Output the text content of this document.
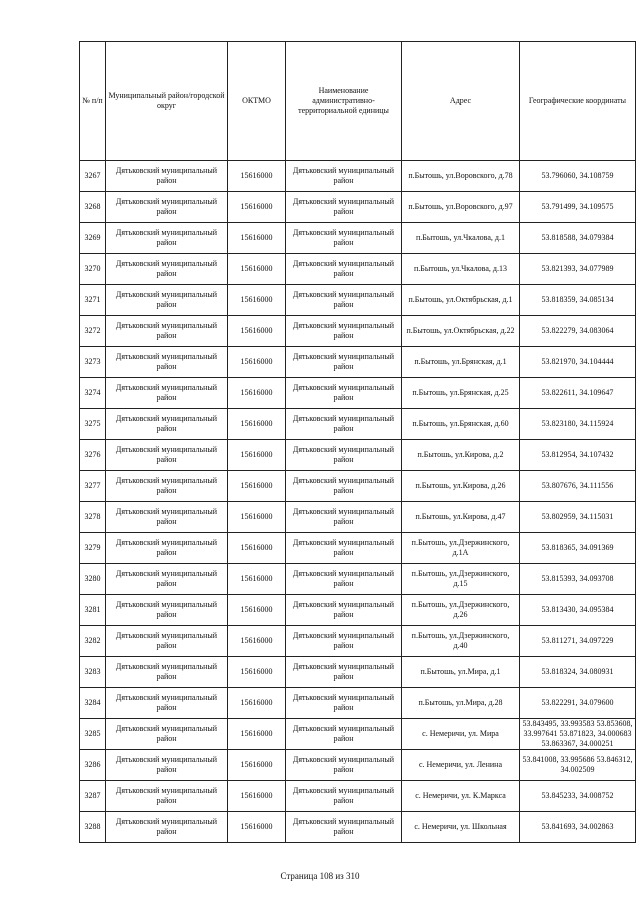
№ п/п	Муниципальный район/городской округ	ОКТМО	Наименование административно-территориальной единицы	Адрес	Географические координаты
3267	Дятьковский муниципальный район	15616000	Дятьковский муниципальный район	п.Бытошь, ул.Воровского, д.78	53.796060, 34.108759
3268	Дятьковский муниципальный район	15616000	Дятьковский муниципальный район	п.Бытошь, ул.Воровского, д.97	53.791499, 34.109575
3269	Дятьковский муниципальный район	15616000	Дятьковский муниципальный район	п.Бытошь, ул.Чкалова, д.1	53.818588, 34.079384
3270	Дятьковский муниципальный район	15616000	Дятьковский муниципальный район	п.Бытошь, ул.Чкалова, д.13	53.821393, 34.077989
3271	Дятьковский муниципальный район	15616000	Дятьковский муниципальный район	п.Бытошь, ул.Октябрьская, д.1	53.818359, 34.085134
3272	Дятьковский муниципальный район	15616000	Дятьковский муниципальный район	п.Бытошь, ул.Октябрьская, д.22	53.822279, 34.083064
3273	Дятьковский муниципальный район	15616000	Дятьковский муниципальный район	п.Бытошь, ул.Брянская, д.1	53.821970, 34.104444
3274	Дятьковский муниципальный район	15616000	Дятьковский муниципальный район	п.Бытошь, ул.Брянская, д.25	53.822611, 34.109647
3275	Дятьковский муниципальный район	15616000	Дятьковский муниципальный район	п.Бытошь, ул.Брянская, д.60	53.823180, 34.115924
3276	Дятьковский муниципальный район	15616000	Дятьковский муниципальный район	п.Бытошь, ул.Кирова, д.2	53.812954, 34.107432
3277	Дятьковский муниципальный район	15616000	Дятьковский муниципальный район	п.Бытошь, ул.Кирова, д.26	53.807676, 34.111556
3278	Дятьковский муниципальный район	15616000	Дятьковский муниципальный район	п.Бытошь, ул.Кирова, д.47	53.802959, 34.115031
3279	Дятьковский муниципальный район	15616000	Дятьковский муниципальный район	п.Бытошь, ул.Дзержинского, д.1А	53.818365, 34.091369
3280	Дятьковский муниципальный район	15616000	Дятьковский муниципальный район	п.Бытошь, ул.Дзержинского, д.15	53.815393, 34.093708
3281	Дятьковский муниципальный район	15616000	Дятьковский муниципальный район	п.Бытошь, ул.Дзержинского, д.26	53.813430, 34.095384
3282	Дятьковский муниципальный район	15616000	Дятьковский муниципальный район	п.Бытошь, ул.Дзержинского, д.40	53.811271, 34.097229
3283	Дятьковский муниципальный район	15616000	Дятьковский муниципальный район	п.Бытошь, ул.Мира, д.1	53.818324, 34.080931
3284	Дятьковский муниципальный район	15616000	Дятьковский муниципальный район	п.Бытошь, ул.Мира, д.28	53.822291, 34.079600
3285	Дятьковский муниципальный район	15616000	Дятьковский муниципальный район	с. Немеричи, ул. Мира	53.843495, 33.993583 53.853608, 33.997641 53.871823, 34.000683 53.863367, 34.000251
3286	Дятьковский муниципальный район	15616000	Дятьковский муниципальный район	с. Немеричи, ул. Ленина	53.841008, 33.995686 53.846312, 34.002509
3287	Дятьковский муниципальный район	15616000	Дятьковский муниципальный район	с. Немеричи, ул. К.Маркса	53.845233, 34.008752
3288	Дятьковский муниципальный район	15616000	Дятьковский муниципальный район	с. Немеричи, ул. Школьная	53.841693, 34.002863
Страница 108 из 310
